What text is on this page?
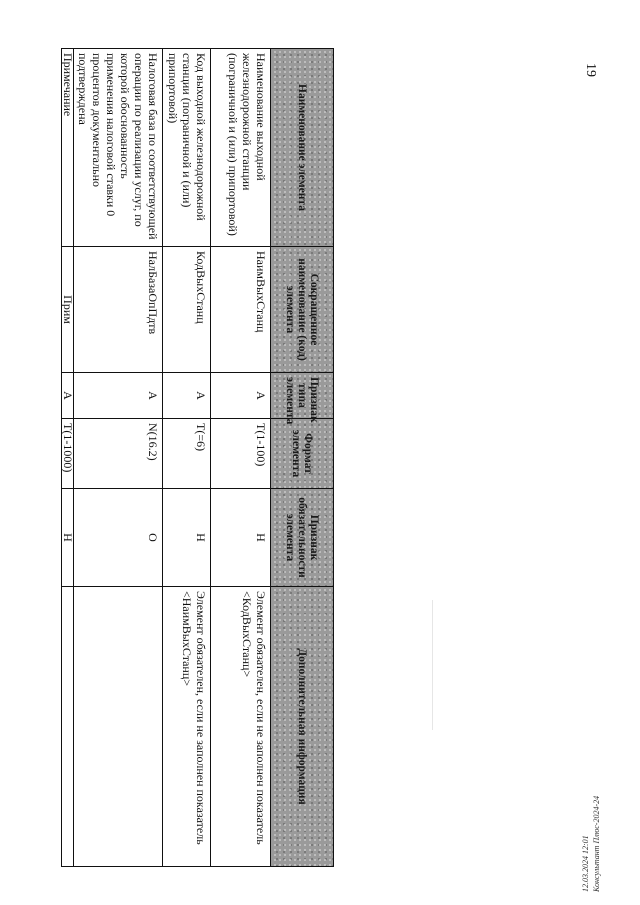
19
12.03.2024 12:01 Консультант Плюс-2024-24
Наименование элемента	Сокращенное наименование (код) элемента	Признак типа элемента	Формат элемента	Признак обязательности элемента	Дополнительная информация
Наименование выходной железнодорожной станции (пограничной и (или) припортовой)	НаимВыхСтанц	А	T(1-100)	Н	Элемент обязателен, если не заполнен показатель <КодВыхСтанц>
Код выходной железнодорожной станции (пограничной и (или) припортовой)	КодВыхСтанц	А	T(=6)	Н	Элемент обязателен, если не заполнен показатель <НаимВыхСтанц>
Налоговая база по соответствующей операции по реализации услуг, по которой обоснованность применения налоговой ставки 0 процентов документально подтверждена	НалБазаОпПдтв	А	N(16.2)	О	
Примечание	Прим	А	T(1-1000)	Н	
